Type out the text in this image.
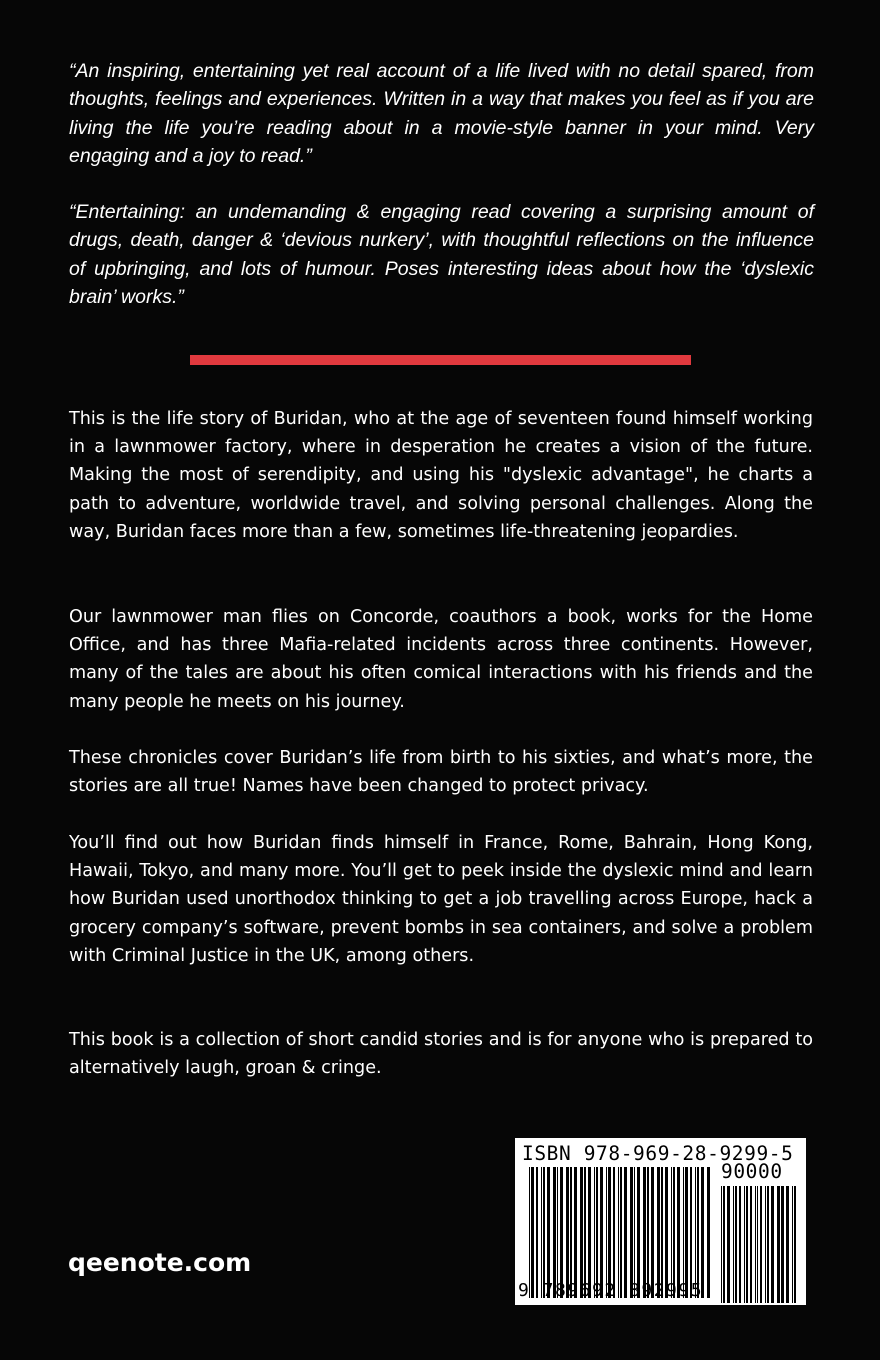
“An inspiring, entertaining yet real account of a life lived with no detail spared, from thoughts, feelings and experiences. Written in a way that makes you feel as if you are living the life you’re reading about in a movie-style banner in your mind. Very engaging and a joy to read.”

“Entertaining: an undemanding & engaging read covering a surprising amount of drugs, death, danger & ‘devious nurkery’, with thoughtful reflections on the influence of upbringing, and lots of humour. Poses interesting ideas about how the ‘dyslexic brain’ works.”

This is the life story of Buridan, who at the age of seventeen found himself working in a lawnmower factory, where in desperation he creates a vision of the future. Making the most of serendipity, and using his "dyslexic advantage", he charts a path to adventure, worldwide travel, and solving personal challenges. Along the way, Buridan faces more than a few, sometimes life-threatening jeopardies.

Our lawnmower man flies on Concorde, coauthors a book, works for the Home Office, and has three Mafia-related incidents across three continents. However, many of the tales are about his often comical interactions with his friends and the many people he meets on his journey.

These chronicles cover Buridan’s life from birth to his sixties, and what’s more, the stories are all true! Names have been changed to protect privacy.

You’ll find out how Buridan finds himself in France, Rome, Bahrain, Hong Kong, Hawaii, Tokyo, and many more. You’ll get to peek inside the dyslexic mind and learn how Buridan used unorthodox thinking to get a job travelling across Europe, hack a grocery company’s software, prevent bombs in sea containers, and solve a problem with Criminal Justice in the UK, among others.

This book is a collection of short candid stories and is for anyone who is prepared to alternatively laugh, groan & cringe.

qeenote.com
ISBN 978-969-28-9299-5
90000
9 789692 892995
